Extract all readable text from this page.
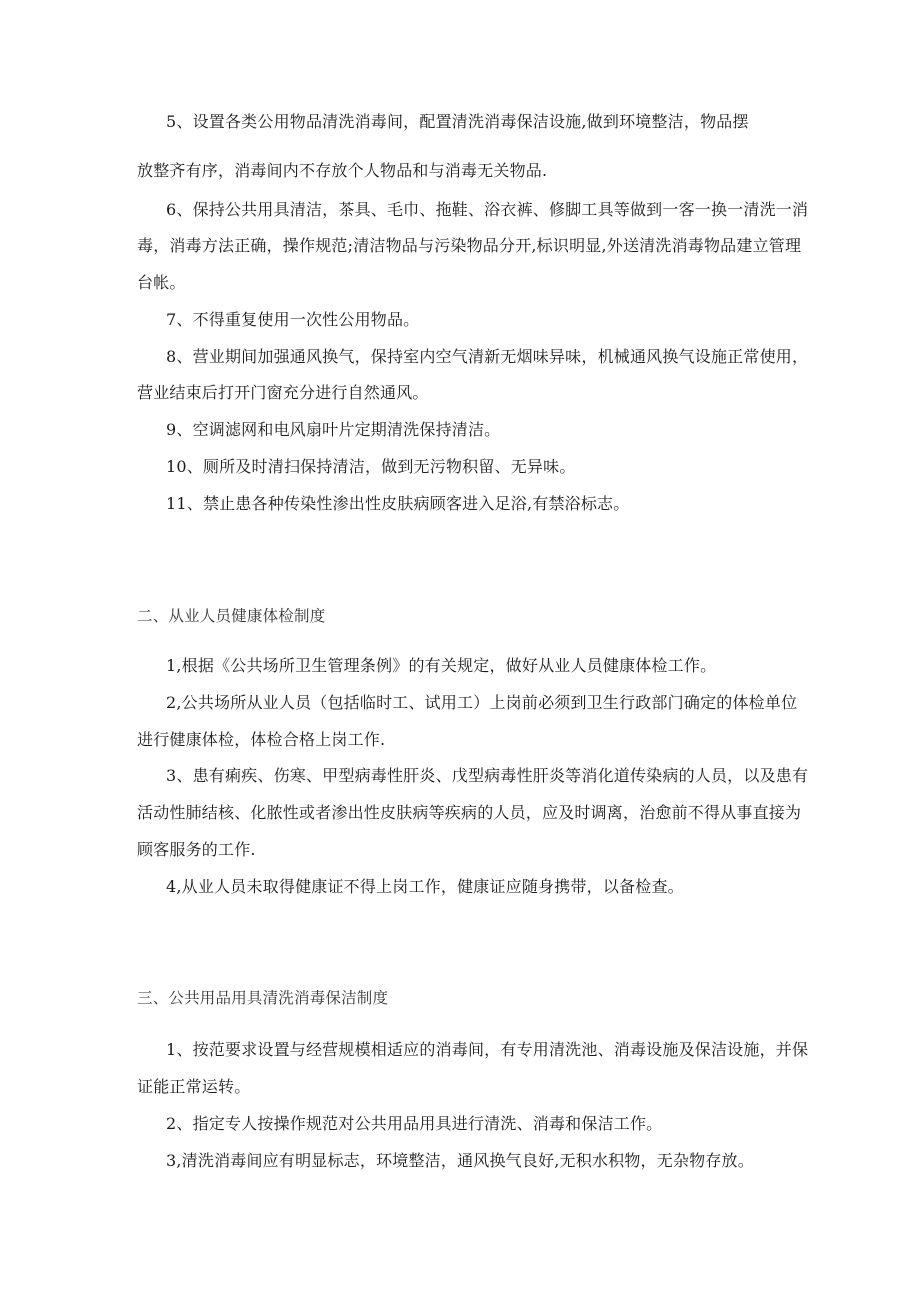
5、设置各类公用物品清洗消毒间，配置清洗消毒保洁设施,做到环境整洁，物品摆
放整齐有序，消毒间内不存放个人物品和与消毒无关物品.
6、保持公共用具清洁，茶具、毛巾、拖鞋、浴衣裤、修脚工具等做到一客一换一清洗一消
毒，消毒方法正确，操作规范;清洁物品与污染物品分开,标识明显,外送清洗消毒物品建立管理
台帐。
7、不得重复使用一次性公用物品。
8、营业期间加强通风换气，保持室内空气清新无烟味异味，机械通风换气设施正常使用，
营业结束后打开门窗充分进行自然通风。
9、空调滤网和电风扇叶片定期清洗保持清洁。
10、厕所及时清扫保持清洁，做到无污物积留、无异味。
11、禁止患各种传染性渗出性皮肤病顾客进入足浴,有禁浴标志。
二、从业人员健康体检制度
1,根据《公共场所卫生管理条例》的有关规定，做好从业人员健康体检工作。
2,公共场所从业人员（包括临时工、试用工）上岗前必须到卫生行政部门确定的体检单位
进行健康体检，体检合格上岗工作.
3、患有痢疾、伤寒、甲型病毒性肝炎、戊型病毒性肝炎等消化道传染病的人员，以及患有
活动性肺结核、化脓性或者渗出性皮肤病等疾病的人员，应及时调离，治愈前不得从事直接为
顾客服务的工作.
4,从业人员未取得健康证不得上岗工作，健康证应随身携带，以备检查。
三、公共用品用具清洗消毒保洁制度
1、按范要求设置与经营规模相适应的消毒间，有专用清洗池、消毒设施及保洁设施，并保
证能正常运转。
2、指定专人按操作规范对公共用品用具进行清洗、消毒和保洁工作。
3,清洗消毒间应有明显标志，环境整洁，通风换气良好,无积水积物，无杂物存放。
